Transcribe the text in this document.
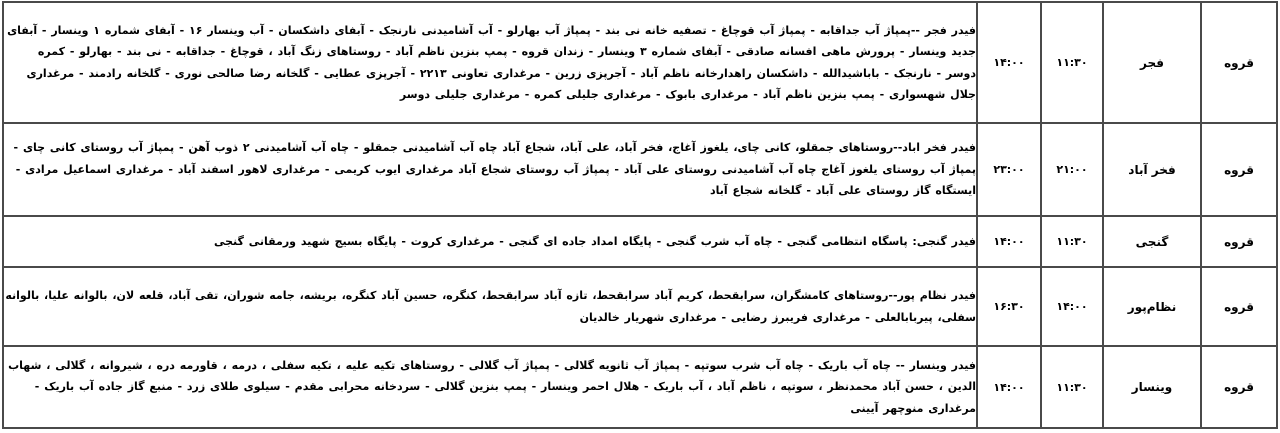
قروه	فجر	۱۱:۳۰	۱۴:۰۰	فیدر فجر --پمپاژ آب جداقابه - پمپاژ آب قوچاغ - تصفیه خانه نی بند - پمپاژ آب بهارلو - آب آشامیدنی نارنجک - آبفای داشکسان - آب وینسار ۱۶ - آبفای شماره ۱ وینسار - آبفای جدید وینسار - پرورش ماهی افسانه صادقی - آبفای شماره ۳ وینسار - زندان قروه - پمپ بنزین ناظم آباد - روستاهای زنگ آباد ، قوچاغ - جداقابه - نی بند - بهارلو - کمره دوسر - نارنجک - باباشیدالله - داشکسان راهدارخانه ناظم آباد - آجرپزی زرین - مرغداری تعاونی ۲۲۱۳ - آجرپزی عطایی - گلخانه رضا صالحی نوری - گلخانه رادمند - مرغداری جلال شهسواری - پمپ بنزین ناظم آباد - مرغداری بابوک - مرغداری جلیلی کمره - مرغداری جلیلی دوسر
قروه	فخر آباد	۲۱:۰۰	۲۳:۰۰	فیدر فخر اباد--روستاهای جمقلو، کانی چای، یلغوز آغاج، فخر آباد، علی آباد، شجاع آباد چاه آب آشامیدنی جمقلو - چاه آب آشامیدنی ۲ ذوب آهن - پمپاژ آب روستای کانی چای - پمپاژ آب روستای یلغوز آغاج چاه آب آشامیدنی روستای علی آباد - پمپاژ آب روستای شجاع آباد مرغداری ایوب کریمی - مرغداری لاهور اسفند آباد - مرغداری اسماعیل مرادی - ایستگاه گاز روستای علی آباد - گلخانه شجاع آباد
قروه	گنجی	۱۱:۳۰	۱۴:۰۰	فیدر گنجی: پاسگاه انتظامی گنجی - چاه آب شرب گنجی - پایگاه امداد جاده ای گنجی - مرغداری کروت - پایگاه بسیج شهید ورمقانی گنجی
قروه	نظام‌پور	۱۴:۰۰	۱۶:۳۰	فیدر نظام پور--روستاهای کامشگران، سرابقحط، کریم آباد سرابقحط، تازه آباد سرابقحط، کنگره، حسین آباد کنگره، بریشه، جامه شوران، تقی آباد، قلعه لان، بالوانه علیا، بالوانه سفلی، پیربابالعلی - مرغداری فریبرز رضایی - مرغداری شهریار خالدیان
قروه	وینسار	۱۱:۳۰	۱۴:۰۰	فیدر وینسار -- چاه آب باریک - چاه آب شرب سوتپه - پمپاژ آب ثانویه گلالی - پمپاژ آب گلالی - روستاهای تکیه علیه ، تکیه سفلی ، درمه ، قاورمه دره ، شیروانه ، گلالی ، شهاب الدین ، حسن آباد محمدنظر ، سوتپه ، ناظم آباد ، آب باریک - هلال احمر وینسار - پمپ بنزین گلالی - سردخانه محرابی مقدم - سیلوی طلای زرد - منبع گاز جاده آب باریک - مرغداری منوچهر آیینی
